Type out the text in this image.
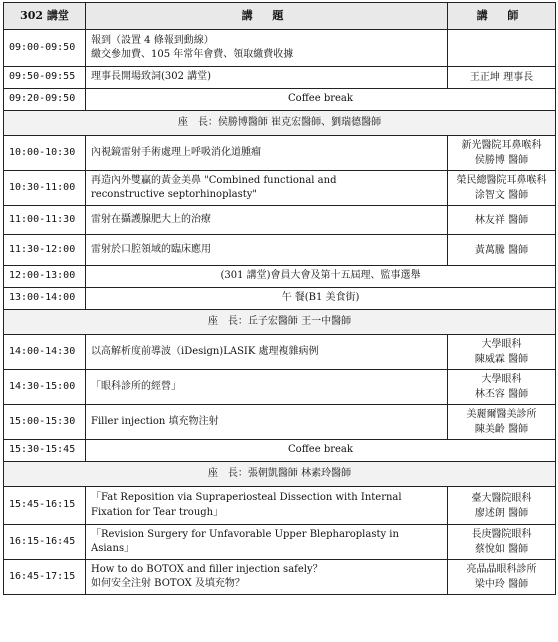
302 講堂	講 題	講 師
09:00-09:50	報到（設置 4 條報到動線）
繳交參加費、105 年常年會費、領取繳費收據	

09:50-09:55	理事長開場致詞(302 講堂)	王正坤 理事長

09:20-09:50	Coffee break	
座　長：侯勝博醫師 崔克宏醫師、劉瑞德醫師		
10:00-10:30	內視鏡雷射手術處理上呼吸消化道腫瘤	新光醫院耳鼻喉科
侯勝博 醫師

10:30-11:00	再造內外雙贏的黃金美鼻 "Combined functional and
reconstructive septorhinoplasty"	榮民總醫院耳鼻喉科
涂智文 醫師

11:00-11:30	雷射在攝護腺肥大上的治療	林友祥 醫師

11:30-12:00	雷射於口腔領域的臨床應用	黃萬騰 醫師

12:00-13:00	(301 講堂)會員大會及第十五屆理、監事選舉	
13:00-14:00	午 餐(B1 美食街)	
座　長：丘子宏醫師 王一中醫師		
14:00-14:30	以高解析度前導波（iDesign)LASIK 處理複雜病例	大學眼科
陳威霖 醫師

14:30-15:00	「眼科診所的經營」	大學眼科
林丕容 醫師

15:00-15:30	Filler injection 填充物注射	美麗爾醫美診所
陳美齡 醫師

15:30-15:45	Coffee break	
座　長：張朝凱醫師 林素玲醫師		
15:45-16:15	「Fat Reposition via Supraperiosteal Dissection with Internal
Fixation for Tear trough」	臺大醫院眼科
廖述朗 醫師

16:15-16:45	「Revision Surgery for Unfavorable Upper Blepharoplasty in
Asians」	長庚醫院眼科
蔡悅如 醫師

16:45-17:15	How to do BOTOX and filler injection safely？
如何安全注射 BOTOX 及填充物？	亮晶晶眼科診所
梁中玲 醫師
